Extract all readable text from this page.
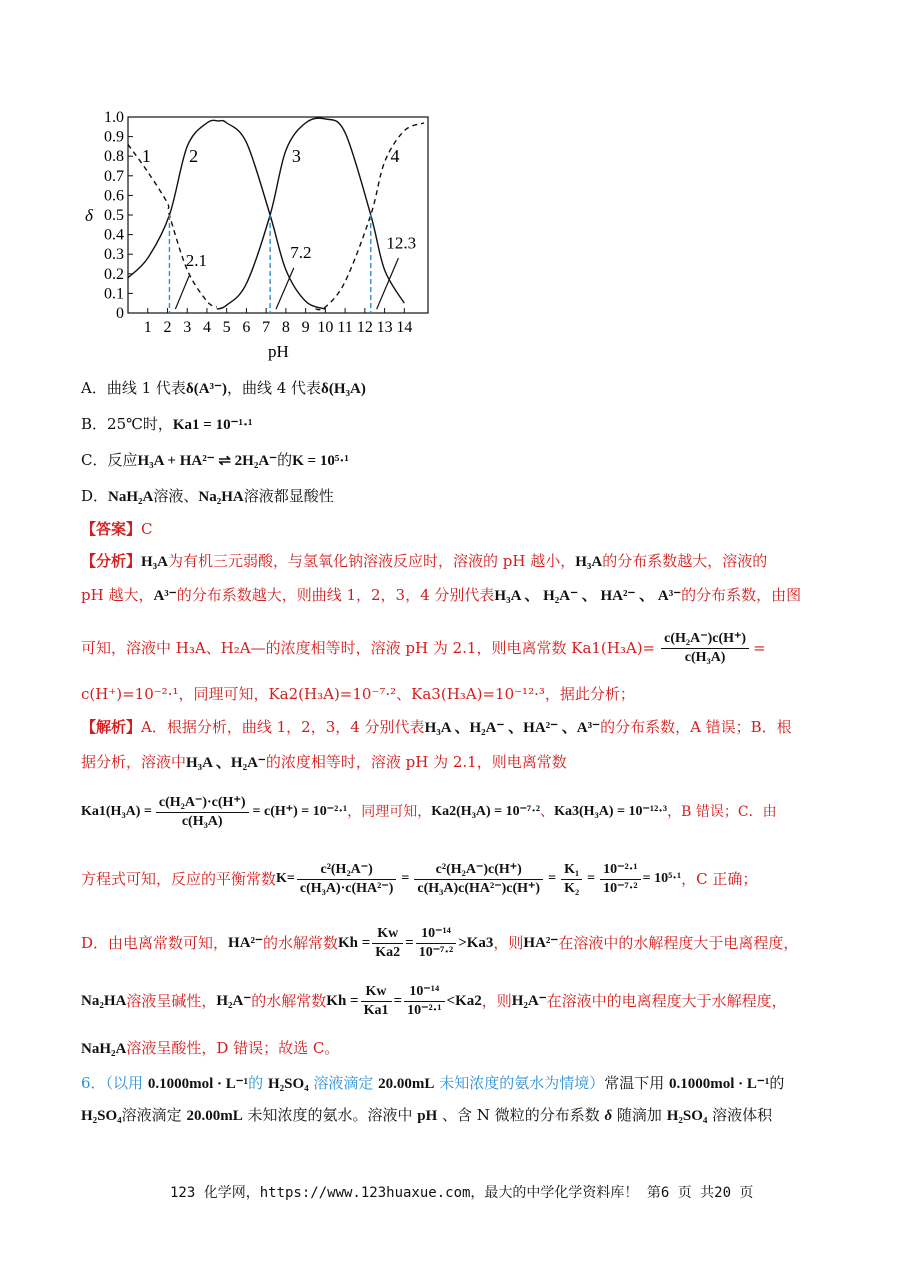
0
0.1
0.2
0.3
0.4
0.5
0.6
0.7
0.8
0.9
1.0
1 2 3 4 5 6 7 8 9 10 11 12 13 14
1 2	3	4
2.1	7.2
12.3
δ
pH
A．曲线 1 代表δ(A³⁻)，曲线 4 代表δ(H₃A)
B．25℃时，Ka1 = 10⁻¹·¹
C．反应H₃A + HA²⁻ ⇌ 2H₂A⁻的K = 10⁵·¹
D．NaH₂A溶液、Na₂HA溶液都显酸性
【答案】C
【分析】H₃A为有机三元弱酸，与氢氧化钠溶液反应时，溶液的 pH 越小，H₃A的分布系数越大，溶液的
pH 越大，A³⁻的分布系数越大，则曲线 1，2，3，4 分别代表H₃A 、 H₂A⁻ 、 HA²⁻ 、 A³⁻的分布系数，由图
可知，溶液中 H₃A、H₂A—的浓度相等时，溶液 pH 为 2.1，则电离常数 $Ka1(H_3A)= \frac{\text{c(H₂A⁻)c(H⁺)}}{\text{c(H₃A)}}$ =
c(H⁺)=10⁻²·¹，同理可知，Ka2(H₃A)=10⁻⁷·²、Ka3(H₃A)=10⁻¹²·³，据此分析；
【解析】A．根据分析，曲线 1，2，3，4 分别代表H₃A 、H₂A⁻ 、HA²⁻ 、A³⁻的分布系数，A 错误；B．根
据分析，溶液中H₃A 、H₂A⁻的浓度相等时，溶液 pH 为 2.1，则电离常数
$Ka1(H_3A) = \frac{\text{c(H₂A⁻)·c(H⁺)}}{\text{c(H₃A)}} = c(H^+) = 10^{-2}\cdot^1$ ，同理可知， Ka2(H₃A) = 10⁻⁷·² 、 Ka3(H₃A) = 10⁻¹²·³ ，B 错误；C．由
方程式可知，反应的平衡常数 $K= \frac{\text{c²(H₂A⁻)}}{\text{c(H₃A)·c(HA²⁻)}} = \frac{\text{c²(H₂A⁻)c(H⁺)}}{\text{c(H₃A)c(HA²⁻)c(H⁺)}} = \frac{\text{K₁}}{\text{K₂}} = \frac{\text{10⁻²·¹}}{\text{10⁻⁷·²}} = 10^5\cdot^1$ ，C 正确；
D．由电离常数可知， HA²⁻ 的水解常数 $Kh = \frac{Kw}{Ka2} = \frac{\text{10⁻¹⁴}}{\text{10⁻⁷·²}} >Ka3$ ，则 HA²⁻ 在溶液中的水解程度大于电离程度，
Na₂HA 溶液呈碱性， H₂A⁻ 的水解常数 $Kh = \frac{Kw}{Ka1} = \frac{\text{10⁻¹⁴}}{\text{10⁻²·¹}} <Ka2$ ，则 H₂A⁻ 在溶液中的电离程度大于水解程度，
NaH₂A溶液呈酸性，D 错误；故选 C。
6．（以用 0.1000mol · L⁻¹的 H₂SO₄ 溶液滴定 20.00mL 未知浓度的氨水为情境）常温下用 0.1000mol · L⁻¹的
H₂SO₄溶液滴定 20.00mL 未知浓度的氨水。溶液中 pH 、含 N 微粒的分布系数 δ 随滴加 H₂SO₄ 溶液体积
123 化学网，https://www.123huaxue.com，最大的中学化学资料库！ 第6 页 共20 页
